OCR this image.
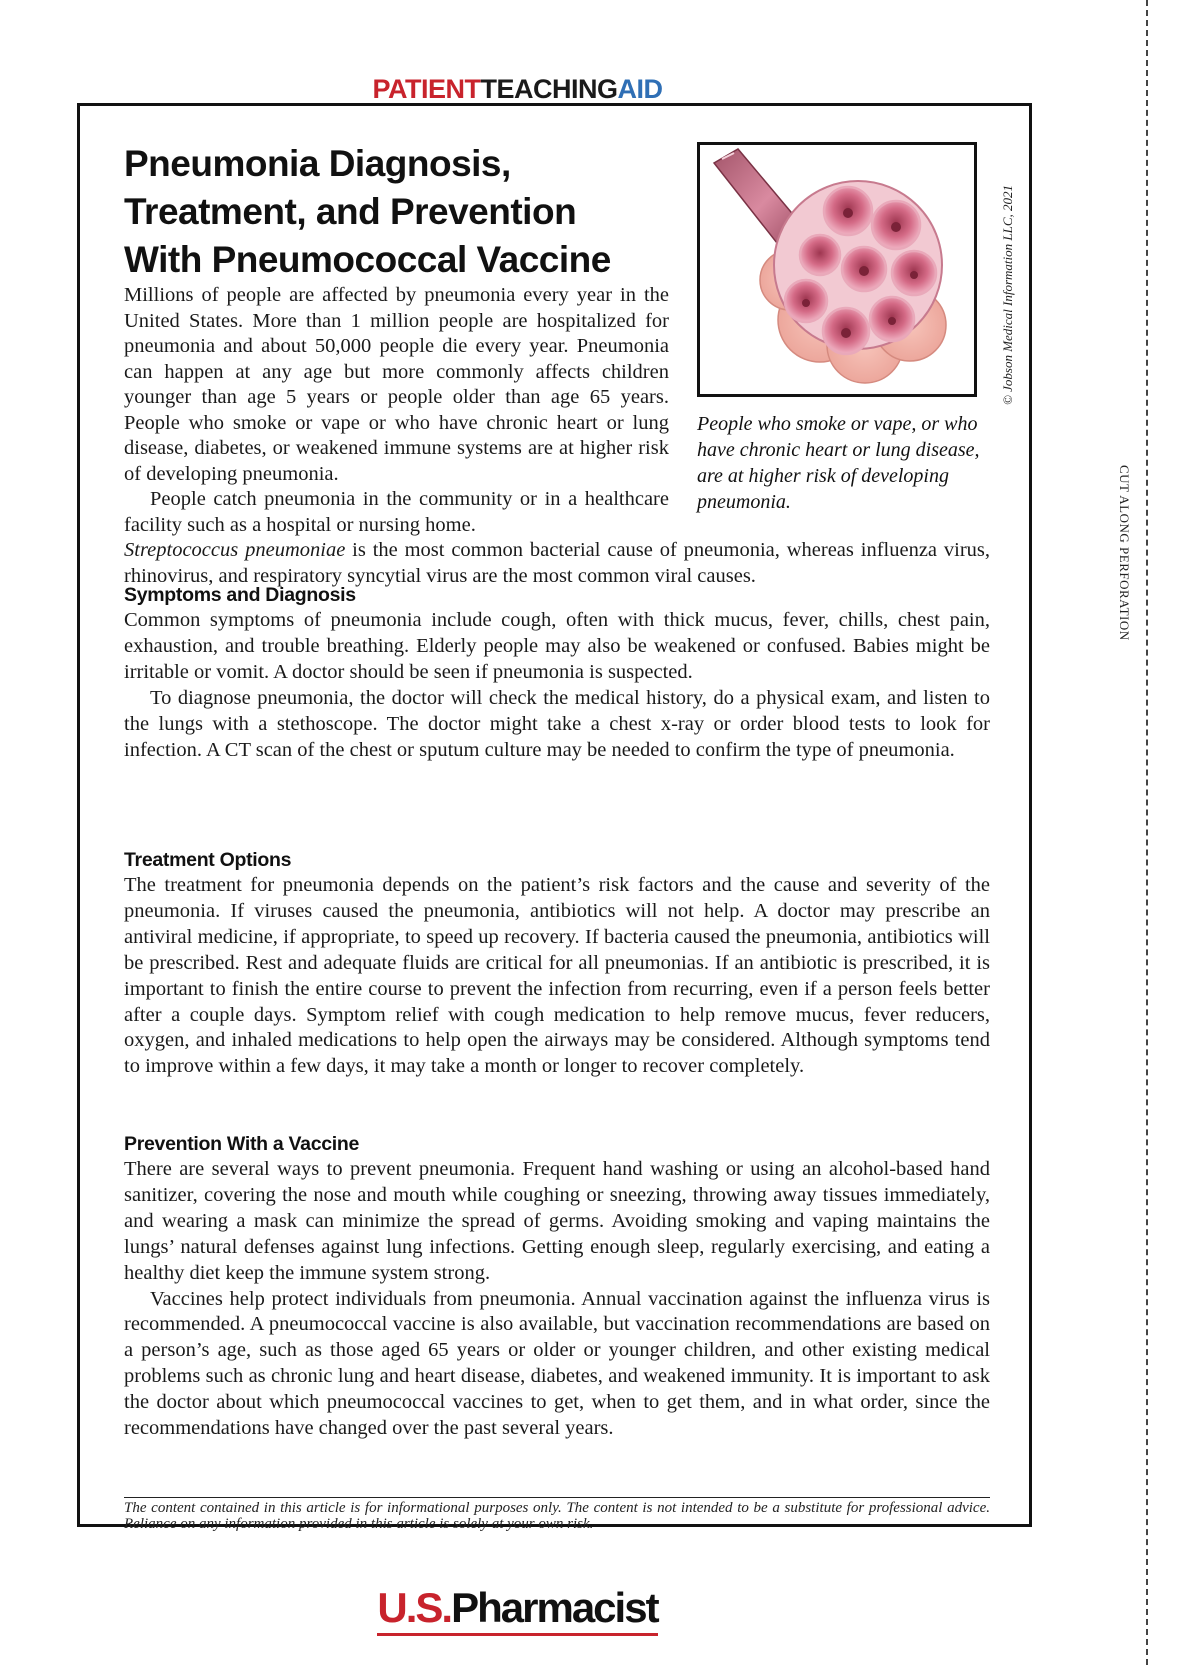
CUT ALONG PERFORATION
PATIENTTEACHINGAID
Pneumonia Diagnosis,
Treatment, and Prevention
With Pneumococcal Vaccine	© Jobson Medical Information LLC, 2021

People who smoke or vape, or who have chronic heart or lung disease, are at higher risk of developing pneumonia.

Millions of people are affected by pneumonia every year in the United States. More than 1 million people are hospitalized for pneumonia and about 50,000 people die every year. Pneumonia can happen at any age but more commonly affects children younger than age 5 years or people older than age 65 years. People who smoke or vape or who have chronic heart or lung disease, diabetes, or weakened immune systems are at higher risk of developing pneumonia.
People catch pneumonia in the community or in a healthcare facility such as a hospital or nursing home.

Streptococcus pneumoniae is the most common bacterial cause of pneumonia, whereas influenza virus, rhinovirus, and respiratory syncytial virus are the most common viral causes.

Symptoms and Diagnosis

Common symptoms of pneumonia include cough, often with thick mucus, fever, chills, chest pain, exhaustion, and trouble breathing. Elderly people may also be weakened or confused. Babies might be irritable or vomit. A doctor should be seen if pneumonia is suspected.

To diagnose pneumonia, the doctor will check the medical history, do a physical exam, and listen to the lungs with a stethoscope. The doctor might take a chest x-ray or order blood tests to look for infection. A CT scan of the chest or sputum culture may be needed to confirm the type of pneumonia.

Treatment Options

The treatment for pneumonia depends on the patient’s risk factors and the cause and severity of the pneumonia. If viruses caused the pneumonia, antibiotics will not help. A doctor may prescribe an antiviral medicine, if appropriate, to speed up recovery. If bacteria caused the pneumonia, antibiotics will be prescribed. Rest and adequate fluids are critical for all pneumonias. If an antibiotic is prescribed, it is important to finish the entire course to prevent the infection from recurring, even if a person feels better after a couple days. Symptom relief with cough medication to help remove mucus, fever reducers, oxygen, and inhaled medications to help open the airways may be considered. Although symptoms tend to improve within a few days, it may take a month or longer to recover completely.

Prevention With a Vaccine

There are several ways to prevent pneumonia. Frequent hand washing or using an alcohol-based hand sanitizer, covering the nose and mouth while coughing or sneezing, throwing away tissues immediately, and wearing a mask can minimize the spread of germs. Avoiding smoking and vaping maintains the lungs’ natural defenses against lung infections. Getting enough sleep, regularly exercising, and eating a healthy diet keep the immune system strong.

Vaccines help protect individuals from pneumonia. Annual vaccination against the influenza virus is recommended. A pneumococcal vaccine is also available, but vaccination recommendations are based on a person’s age, such as those aged 65 years or older or younger children, and other existing medical problems such as chronic lung and heart disease, diabetes, and weakened immunity. It is important to ask the doctor about which pneumococcal vaccines to get, when to get them, and in what order, since the recommendations have changed over the past several years.

The content contained in this article is for informational purposes only. The content is not intended to be a substitute for professional advice. Reliance on any information provided in this article is solely at your own risk.

U.S.Pharmacist
